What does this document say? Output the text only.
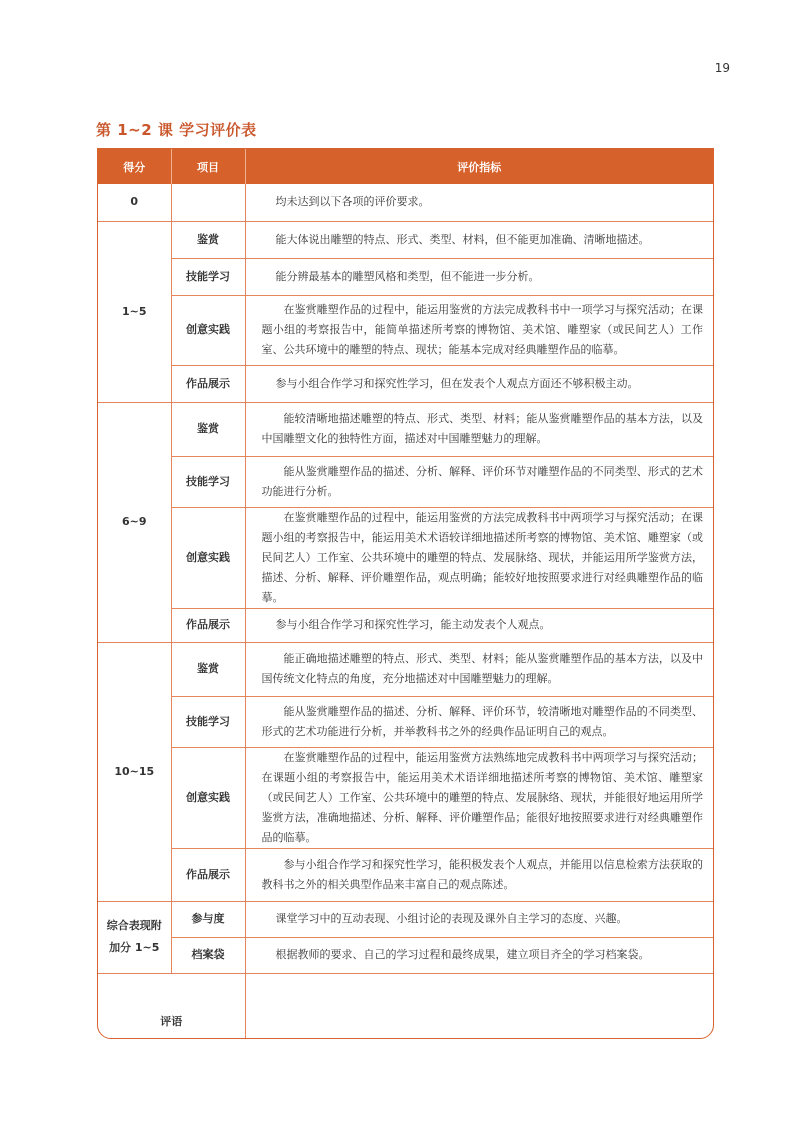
19
第 1~2 课 学习评价表
得分	项目	评价指标
0		均未达到以下各项的评价要求。
1~5	鉴赏	能大体说出雕塑的特点、形式、类型、材料，但不能更加准确、清晰地描述。
	技能学习	能分辨最基本的雕塑风格和类型，但不能进一步分析。
	创意实践	在鉴赏雕塑作品的过程中，能运用鉴赏的方法完成教科书中一项学习与探究活动；在课题小组的考察报告中，能简单描述所考察的博物馆、美术馆、雕塑家（或民间艺人）工作室、公共环境中的雕塑的特点、现状；能基本完成对经典雕塑作品的临摹。
	作品展示	参与小组合作学习和探究性学习，但在发表个人观点方面还不够积极主动。
6~9	鉴赏	能较清晰地描述雕塑的特点、形式、类型、材料；能从鉴赏雕塑作品的基本方法，以及中国雕塑文化的独特性方面，描述对中国雕塑魅力的理解。
	技能学习	能从鉴赏雕塑作品的描述、分析、解释、评价环节对雕塑作品的不同类型、形式的艺术功能进行分析。
	创意实践	在鉴赏雕塑作品的过程中，能运用鉴赏的方法完成教科书中两项学习与探究活动；在课题小组的考察报告中，能运用美术术语较详细地描述所考察的博物馆、美术馆、雕塑家（或民间艺人）工作室、公共环境中的雕塑的特点、发展脉络、现状，并能运用所学鉴赏方法，描述、分析、解释、评价雕塑作品，观点明确；能较好地按照要求进行对经典雕塑作品的临摹。
	作品展示	参与小组合作学习和探究性学习，能主动发表个人观点。
10~15	鉴赏	能正确地描述雕塑的特点、形式、类型、材料；能从鉴赏雕塑作品的基本方法，以及中国传统文化特点的角度，充分地描述对中国雕塑魅力的理解。
	技能学习	能从鉴赏雕塑作品的描述、分析、解释、评价环节，较清晰地对雕塑作品的不同类型、形式的艺术功能进行分析，并举教科书之外的经典作品证明自己的观点。
	创意实践	在鉴赏雕塑作品的过程中，能运用鉴赏方法熟练地完成教科书中两项学习与探究活动；在课题小组的考察报告中，能运用美术术语详细地描述所考察的博物馆、美术馆、雕塑家（或民间艺人）工作室、公共环境中的雕塑的特点、发展脉络、现状，并能很好地运用所学鉴赏方法，准确地描述、分析、解释、评价雕塑作品；能很好地按照要求进行对经典雕塑作品的临摹。
	作品展示	参与小组合作学习和探究性学习，能积极发表个人观点，并能用以信息检索方法获取的教科书之外的相关典型作品来丰富自己的观点陈述。
综合表现附加分 1~5	参与度	课堂学习中的互动表现、小组讨论的表现及课外自主学习的态度、兴趣。
	档案袋	根据教师的要求、自己的学习过程和最终成果，建立项目齐全的学习档案袋。
评语		
